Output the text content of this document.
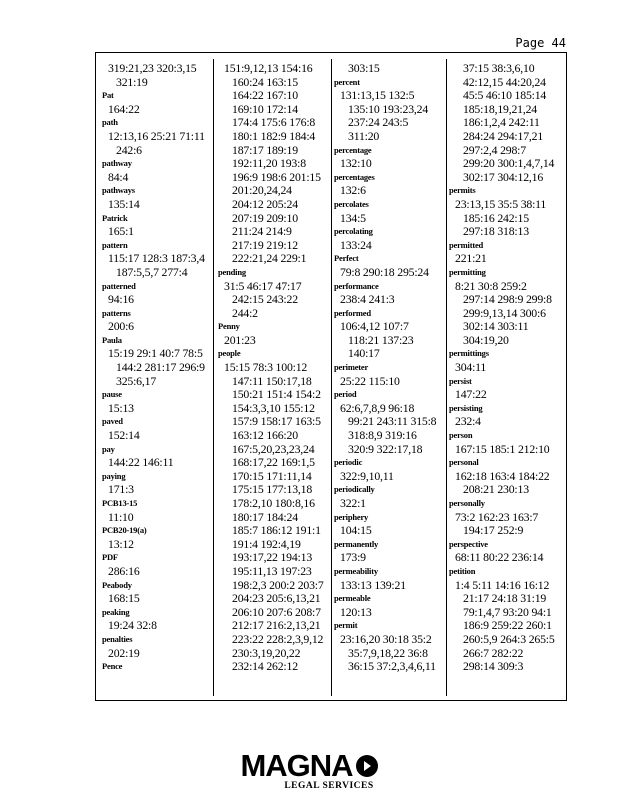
Page 44
319:21,23 320:3,15
321:19
Pat
164:22
path
12:13,16 25:21 71:11
242:6
pathway
84:4
pathways
135:14
Patrick
165:1
pattern
115:17 128:3 187:3,4
187:5,5,7 277:4
patterned
94:16
patterns
200:6
Paula
15:19 29:1 40:7 78:5
144:2 281:17 296:9
325:6,17
pause
15:13
paved
152:14
pay
144:22 146:11
paying
171:3
PCB13-15
11:10
PCB20-19(a)
13:12
PDF
286:16
Peabody
168:15
peaking
19:24 32:8
penalties
202:19
Pence
151:9,12,13 154:16
160:24 163:15
164:22 167:10
169:10 172:14
174:4 175:6 176:8
180:1 182:9 184:4
187:17 189:19
192:11,20 193:8
196:9 198:6 201:15
201:20,24,24
204:12 205:24
207:19 209:10
211:24 214:9
217:19 219:12
222:21,24 229:1
pending
31:5 46:17 47:17
242:15 243:22
244:2
Penny
201:23
people
15:15 78:3 100:12
147:11 150:17,18
150:21 151:4 154:2
154:3,3,10 155:12
157:9 158:17 163:5
163:12 166:20
167:5,20,23,23,24
168:17,22 169:1,5
170:15 171:11,14
175:15 177:13,18
178:2,10 180:8,16
180:17 184:24
185:7 186:12 191:1
191:4 192:4,19
193:17,22 194:13
195:11,13 197:23
198:2,3 200:2 203:7
204:23 205:6,13,21
206:10 207:6 208:7
212:17 216:2,13,21
223:22 228:2,3,9,12
230:3,19,20,22
232:14 262:12
303:15
percent
131:13,15 132:5
135:10 193:23,24
237:24 243:5
311:20
percentage
132:10
percentages
132:6
percolates
134:5
percolating
133:24
Perfect
79:8 290:18 295:24
performance
238:4 241:3
performed
106:4,12 107:7
118:21 137:23
140:17
perimeter
25:22 115:10
period
62:6,7,8,9 96:18
99:21 243:11 315:8
318:8,9 319:16
320:9 322:17,18
periodic
322:9,10,11
periodically
322:1
periphery
104:15
permanently
173:9
permeability
133:13 139:21
permeable
120:13
permit
23:16,20 30:18 35:2
35:7,9,18,22 36:8
36:15 37:2,3,4,6,11
37:15 38:3,6,10
42:12,15 44:20,24
45:5 46:10 185:14
185:18,19,21,24
186:1,2,4 242:11
284:24 294:17,21
297:2,4 298:7
299:20 300:1,4,7,14
302:17 304:12,16
permits
23:13,15 35:5 38:11
185:16 242:15
297:18 318:13
permitted
221:21
permitting
8:21 30:8 259:2
297:14 298:9 299:8
299:9,13,14 300:6
302:14 303:11
304:19,20
permittings
304:11
persist
147:22
persisting
232:4
person
167:15 185:1 212:10
personal
162:18 163:4 184:22
208:21 230:13
personally
73:2 162:23 163:7
194:17 252:9
perspective
68:11 80:22 236:14
petition
1:4 5:11 14:16 16:12
21:17 24:18 31:19
79:1,4,7 93:20 94:1
186:9 259:22 260:1
260:5,9 264:3 265:5
266:7 282:22
298:14 309:3
MAGNA
LEGAL SERVICES
